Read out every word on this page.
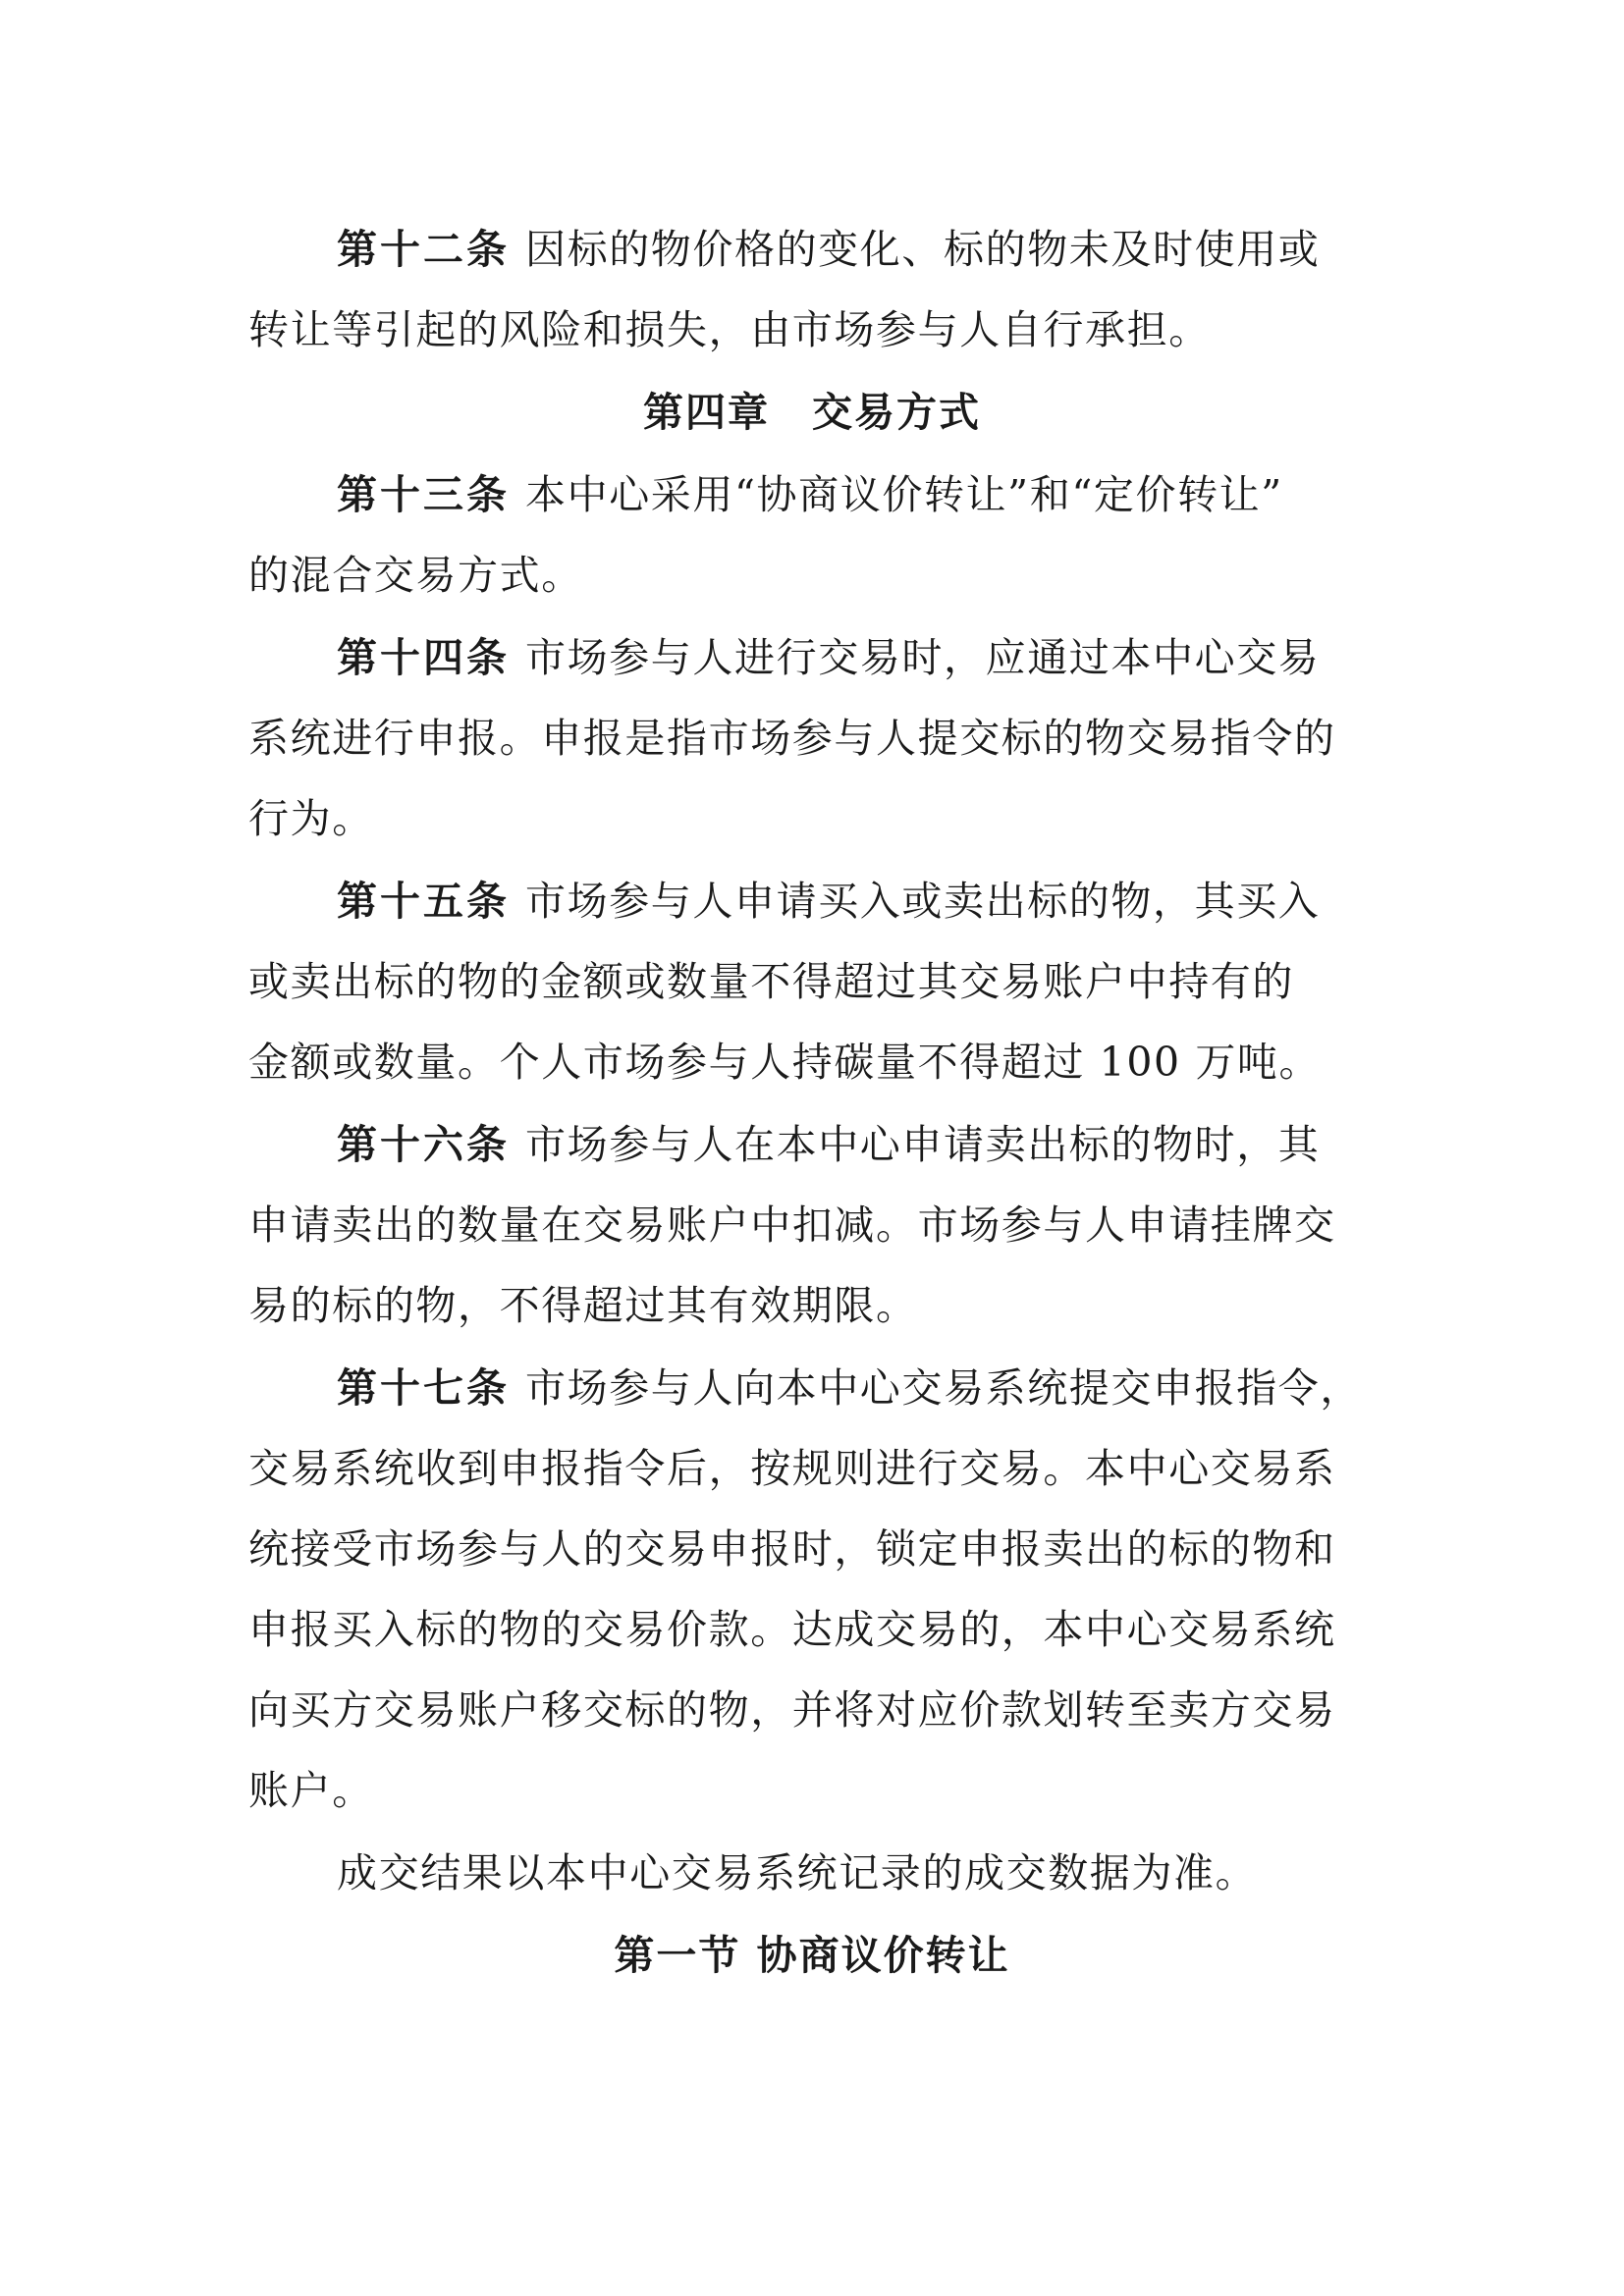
第十二条 因标的物价格的变化、标的物未及时使用或
转让等引起的风险和损失，由市场参与人自行承担。
第四章　交易方式
第十三条 本中心采用“协商议价转让”和“定价转让”
的混合交易方式。
第十四条 市场参与人进行交易时，应通过本中心交易
系统进行申报。申报是指市场参与人提交标的物交易指令的
行为。
第十五条 市场参与人申请买入或卖出标的物，其买入
或卖出标的物的金额或数量不得超过其交易账户中持有的
金额或数量。个人市场参与人持碳量不得超过 100 万吨。
第十六条 市场参与人在本中心申请卖出标的物时，其
申请卖出的数量在交易账户中扣减。市场参与人申请挂牌交
易的标的物，不得超过其有效期限。
第十七条 市场参与人向本中心交易系统提交申报指令，
交易系统收到申报指令后，按规则进行交易。本中心交易系
统接受市场参与人的交易申报时，锁定申报卖出的标的物和
申报买入标的物的交易价款。达成交易的，本中心交易系统
向买方交易账户移交标的物，并将对应价款划转至卖方交易
账户。
成交结果以本中心交易系统记录的成交数据为准。
第一节 协商议价转让
